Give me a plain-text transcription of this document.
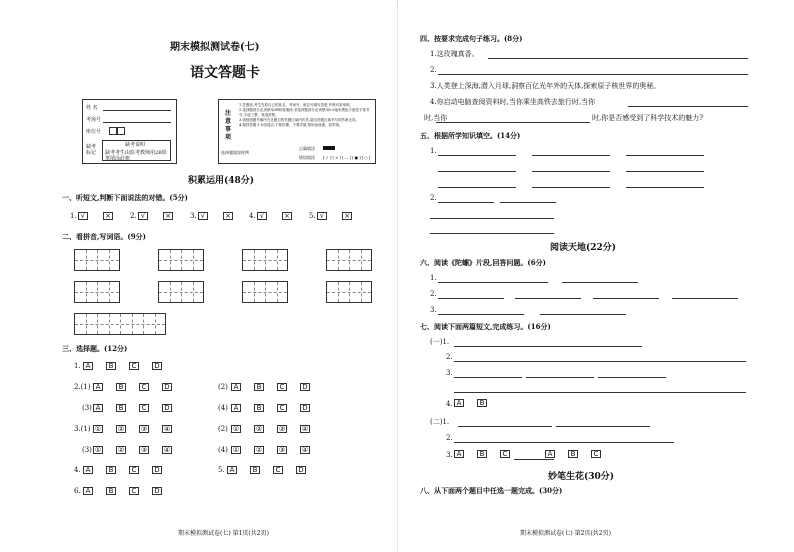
期末模拟测试卷(七)
语文答题卡
姓 名
考场号
座位号
缺考说明
缺考考生由监考教师用2B铅笔填涂此框
缺考标记
注意事项
1.答题前,考生先将自己的姓名、考场号、座位号填写清楚,并核对条形码。
2.选择题部分必须使用2B铅笔填涂;非选择题部分必须使用0.5毫米黑色字迹签字笔书写,字迹工整、笔迹清楚。
3.请按照题号顺序在各题目的答题区域内作答,超出答题区域书写的答案无效。
4.保持答题卡卡面清洁,不要折叠、不要弄破,禁用涂改液、胶带纸。
选择题填涂样例
正确填涂
错误填涂 [✓][×][—][●][○]
积累运用(48分)
一、听短文,判断下面说法的对错。(5分)
二、看拼音,写词语。(9分)
三、选择题。(12分)
期末模拟测试卷(七) 第1页(共2页)
四、按要求完成句子练习。(8分)
1.这玫瑰真香。
2.
3.人类登上深海,潜入月球,洞察百亿光年外的天体,探索原子核世界的奥秘。
4.你启动电脑查阅资料时,当你乘坐高铁去旅行时,当你
时,当你	时,你是否感受到了科学技术的魅力?
五、根据所学知识填空。(14分)
1.
2.
阅读天地(22分)
六、阅读《陀螺》片段,回答问题。(6分)
1.
2.
3.
七、阅读下面两篇短文,完成练习。(16分)
(一)1.
2.
3.
4.
(二)1.
2.
3.
妙笔生花(30分)
八、从下面两个题目中任选一题完成。(30分)
期末模拟测试卷(七) 第2页(共2页)
1. √	×	2. √	×	3. √	×	4. √	×	5. √	×
1. A	B	C	D
2.(1) A	B	C	D	(2) A	B	C	D
(3) A	B	C	D	(4) A	B	C	D
3.(1) ① ② ③ ④	(2) ① ② ③ ④
(3) ① ② ③ ④	(4) ① ② ③ ④
4. A	B	C	D	5. A	B	C	D
6. A	B	C	D
A	B
A	B	C	A	B	C
